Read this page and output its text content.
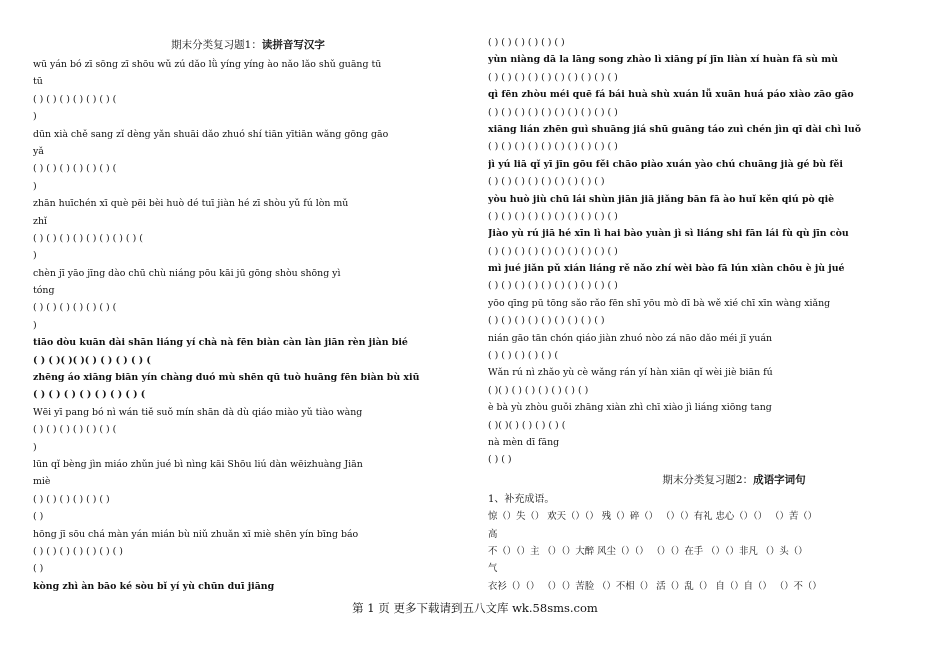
期末分类复习题1：读拼音写汉字
wū yán bó zī sōng zī shōu wǔ zú dǎo lǜ yíng yíng ào nǎo lǎo shǔ guāng tū
tū
( ) ( ) ( ) ( ) ( ) ( ) (
)
dūn xià chě sang zǐ dèng yǎn shuāi dǎo zhuó shí tiān yītiān wǎng gōng gāo
yǎ
( ) ( ) ( ) ( ) ( ) ( ) (
)
zhān huīchén xī què pēi bèi huò dé tuī jiàn hé zī shòu yǔ fú lòn mǔ
zhǐ
( ) ( ) ( ) ( ) ( ) ( ) ( ) ( ) (
)
chèn jī yāo jīng dào chū chù niáng pōu kāi jū gōng shòu shōng yì
tóng
( ) ( ) ( ) ( ) ( ) ( ) (
)
tiāo dòu kuān dài shān liáng yí chà nà fēn biàn càn làn jiān rèn jiàn bié
( ) ( )( )( )( ) ( ) ( ) ( ) (
zhēng áo xiāng biān yín chàng duó mù shēn qū tuò huāng fēn biàn bù xiū
( ) ( ) ( ) ( ) ( ) ( ) ( ) (
Wēi yī pang bó nì wán tiě suǒ mín shān dà dù qiáo miào yǔ tiào wàng
( ) ( ) ( ) ( ) ( ) ( ) (
)
lūn qǐ bèng jìn miáo zhǔn jué bì nìng kāi Shōu liú dàn wēizhuàng Jiān
miè
( ) ( ) ( ) ( ) ( ) ( )
( )
hōng jī sōu chá màn yán mián bù niǔ zhuǎn xī miè shēn yín bīng báo
( ) ( ) ( ) ( ) ( ) ( ) ( )
( )
kòng zhì àn bāo ké sòu bǐ yí yù chūn duī jiāng
( ) ( ) ( ) ( ) ( ) ( )
yùn niàng dā la lāng song zhào lì xiāng pí jīn liàn xí huàn fā sù mù
( ) ( ) ( ) ( ) ( ) ( ) ( ) ( ) ( ) ( )
qì fēn zhòu méi quē fá bái huà shù xuán lǚ xuān huá páo xiào zāo gāo
( ) ( ) ( ) ( ) ( ) ( ) ( ) ( ) ( ) ( )
xiāng lián zhēn guì shuāng jiá shū guāng táo zuì chén jìn qī dài chì luǒ
( ) ( ) ( ) ( ) ( ) ( ) ( ) ( ) ( ) ( )
jì yú liā qǐ yī jīn gōu fěi chāo piào xuán yào chú chuāng jià gé bù fěi
( ) ( ) ( ) ( ) ( ) ( ) ( ) ( ) ( )
yòu huò jiù chū lái shùn jiān jiā jiǎng bān fā ào huǐ kěn qiú pò qiè
( ) ( ) ( ) ( ) ( ) ( ) ( ) ( ) ( ) ( )
Jiào yù rú jiā hé xīn lì hai bào yuàn jì sì liáng shi fān lái fù qù jīn còu
( ) ( ) ( ) ( ) ( ) ( ) ( ) ( ) ( ) ( )
mì jué jiǎn pǔ xián liáng rě nǎo zhí wèi bào fā lún xiàn chōu è jù jué
( ) ( ) ( ) ( ) ( ) ( ) ( ) ( ) ( ) ( )
yōo qīng pū tōng sǎo rǎo fēn shī yōu mò dī bà wě xié chī xīn wàng xiǎng
( ) ( ) ( ) ( ) ( ) ( ) ( ) ( ) ( )
nián gāo tān chón qiáo jiàn zhuó nòo zá nāo dǎo méi jī yuán
( ) ( ) ( ) ( ) ( ) (
Wǎn rú nì zhǎo yù cè wǎng rán yí hàn xiān qǐ wèi jiè biān fú
( )( ) ( ) ( ) ( ) ( ) ( ) ( )
è bà yù zhòu guǒi zhāng xiàn zhì chī xiào jì liáng xiōng tang
( )( )( ) ( ) ( ) ( ) (
nà mèn dī fāng
( ) ( )
期末分类复习题2：成语字词句
1、补充成语。
惊（）失（） 欢天（）（） 残（）碎（） （）（）有礼 忠心（）（） （）苦（）
高
不（）（）主 （）（）大醉 风尘（）（） （）（）在手 （）（）非凡 （）头（）
气
衣衫（）（） （）（）苦脸 （）不相（） 活（）乱（） 自（）自（） （）不（）
第 1 页 更多下载请到五八文库 wk.58sms.com
